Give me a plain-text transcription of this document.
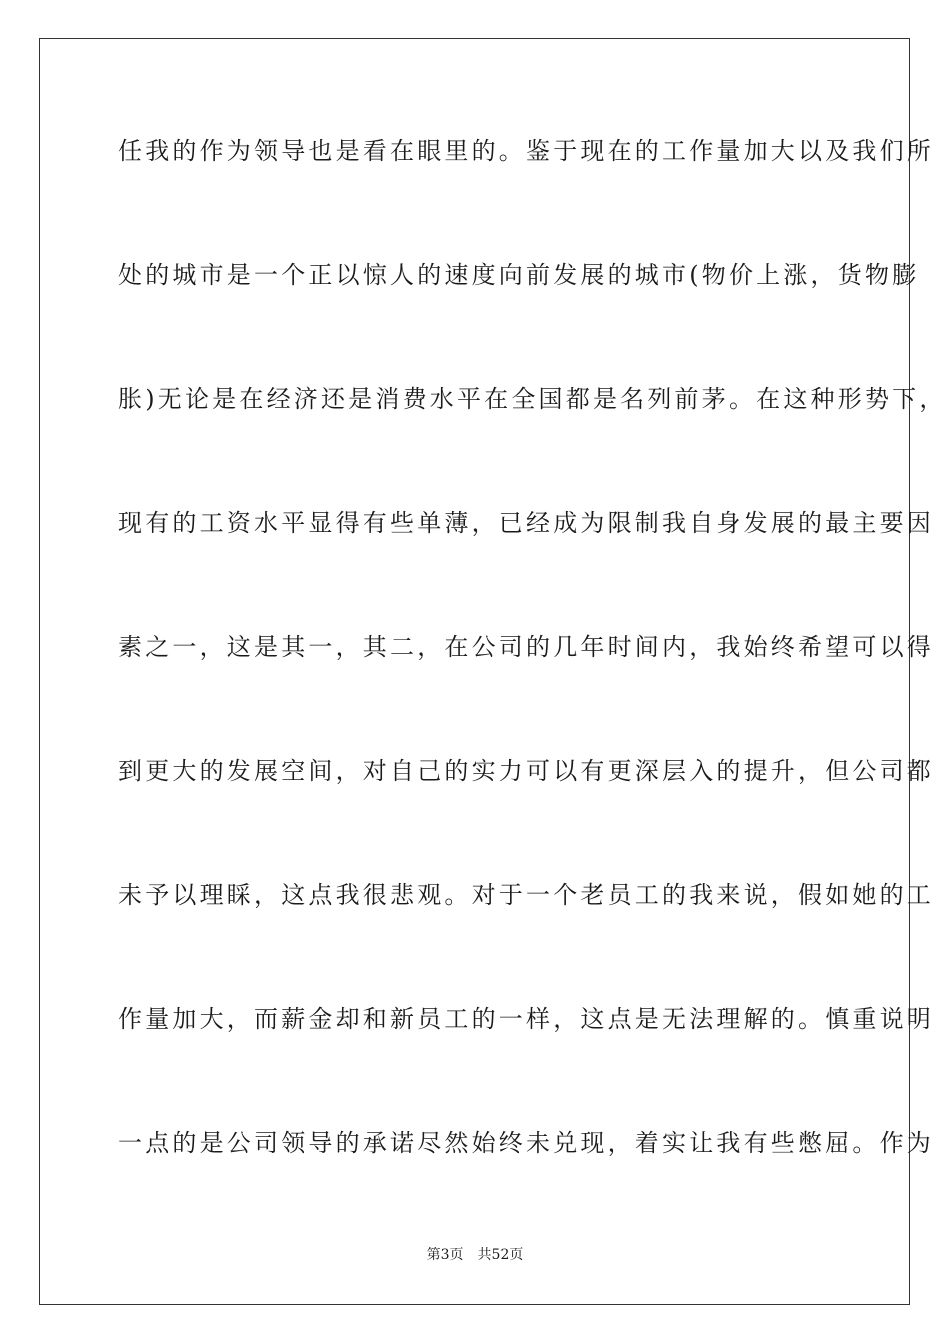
任我的作为领导也是看在眼里的。鉴于现在的工作量加大以及我们所
处的城市是一个正以惊人的速度向前发展的城市(物价上涨，货物膨
胀)无论是在经济还是消费水平在全国都是名列前茅。在这种形势下，
现有的工资水平显得有些单薄，已经成为限制我自身发展的最主要因
素之一，这是其一，其二，在公司的几年时间内，我始终希望可以得
到更大的发展空间，对自己的实力可以有更深层入的提升，但公司都
未予以理睬，这点我很悲观。对于一个老员工的我来说，假如她的工
作量加大，而薪金却和新员工的一样，这点是无法理解的。慎重说明
一点的是公司领导的承诺尽然始终未兑现，着实让我有些憋屈。作为
第3页 共52页
